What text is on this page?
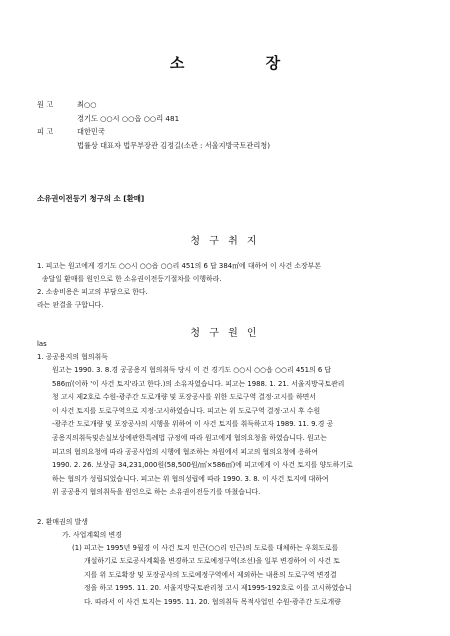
소 장
원 고	최○○
경기도 ○○시 ○○읍 ○○리 481
피 고	대한민국
법률상 대표자 법무부장관 김정길(소관 : 서울지방국토관리청)
소유권이전등기 청구의 소 [환매]
청 구 취 지
1. 피고는 원고에게 경기도 ○○시 ○○읍 ○○리 451의 6 답 384㎡에 대하여 이 사건 소장부본
송달일 환매를 원인으로 한 소유권이전등기절차를 이행하라.
2. 소송비용은 피고의 부담으로 한다.
라는 판결을 구합니다.
청 구 원 인
las
1. 공공용지의 협의취득

원고는 1990. 3. 8.경 공공용지 협의취득 당시 이 건 경기도 ○○시 ○○읍 ○○리 451의 6 답

586㎡(이하 '이 사건 토지'라고 한다.)의 소유자였습니다. 피고는 1988. 1. 21. 서울지방국토관리

청 고시 제2호로 수원-광주간 도로개량 및 포장공사를 위한 도로구역 결정·고시를 하면서

이 사건 토지를 도로구역으로 지정·고시하였습니다. 피고는 위 도로구역 결정·고시 후 수원

-광주간 도로개량 및 포장공사의 시행을 위하여 이 사건 토지를 취득하고자 1989. 11. 9.경 공

공용지의취득및손실보상에관한특례법 규정에 따라 원고에게 협의요청을 하였습니다. 원고는

피고의 협의요청에 따라 공공사업의 시행에 협조하는 차원에서 피고의 협의요청에 응하여

1990. 2. 26. 보상금 34,231,000원(58,500원/㎡×586㎡)에 피고에게 이 사건 토지를 양도하기로

하는 협의가 성립되었습니다. 피고는 위 협의성립에 따라 1990. 3. 8. 이 사건 토지에 대하여

위 공공용지 협의취득을 원인으로 하는 소유권이전등기를 마쳤습니다.

2. 환매권의 발생
가. 사업계획의 변경

(1) 피고는 1995년 9월경 이 사건 토지 인근(○○리 인근)의 도로를 대체하는 우회도로를

개설하기로 도로공사계획을 변경하고 도로예정구역(조선)을 일부 변경하여 이 사건 토

지를 위 도로확장 및 포장공사의 도로예정구역에서 제외하는 내용의 도로구역 변경결

정을 하고 1995. 11. 20. 서울지방국토관리청 고시 제1995-192호로 이를 고시하였습니

다. 따라서 이 사건 토지는 1995. 11. 20. 협의취득 목적사업인 수원-광주간 도로개량
